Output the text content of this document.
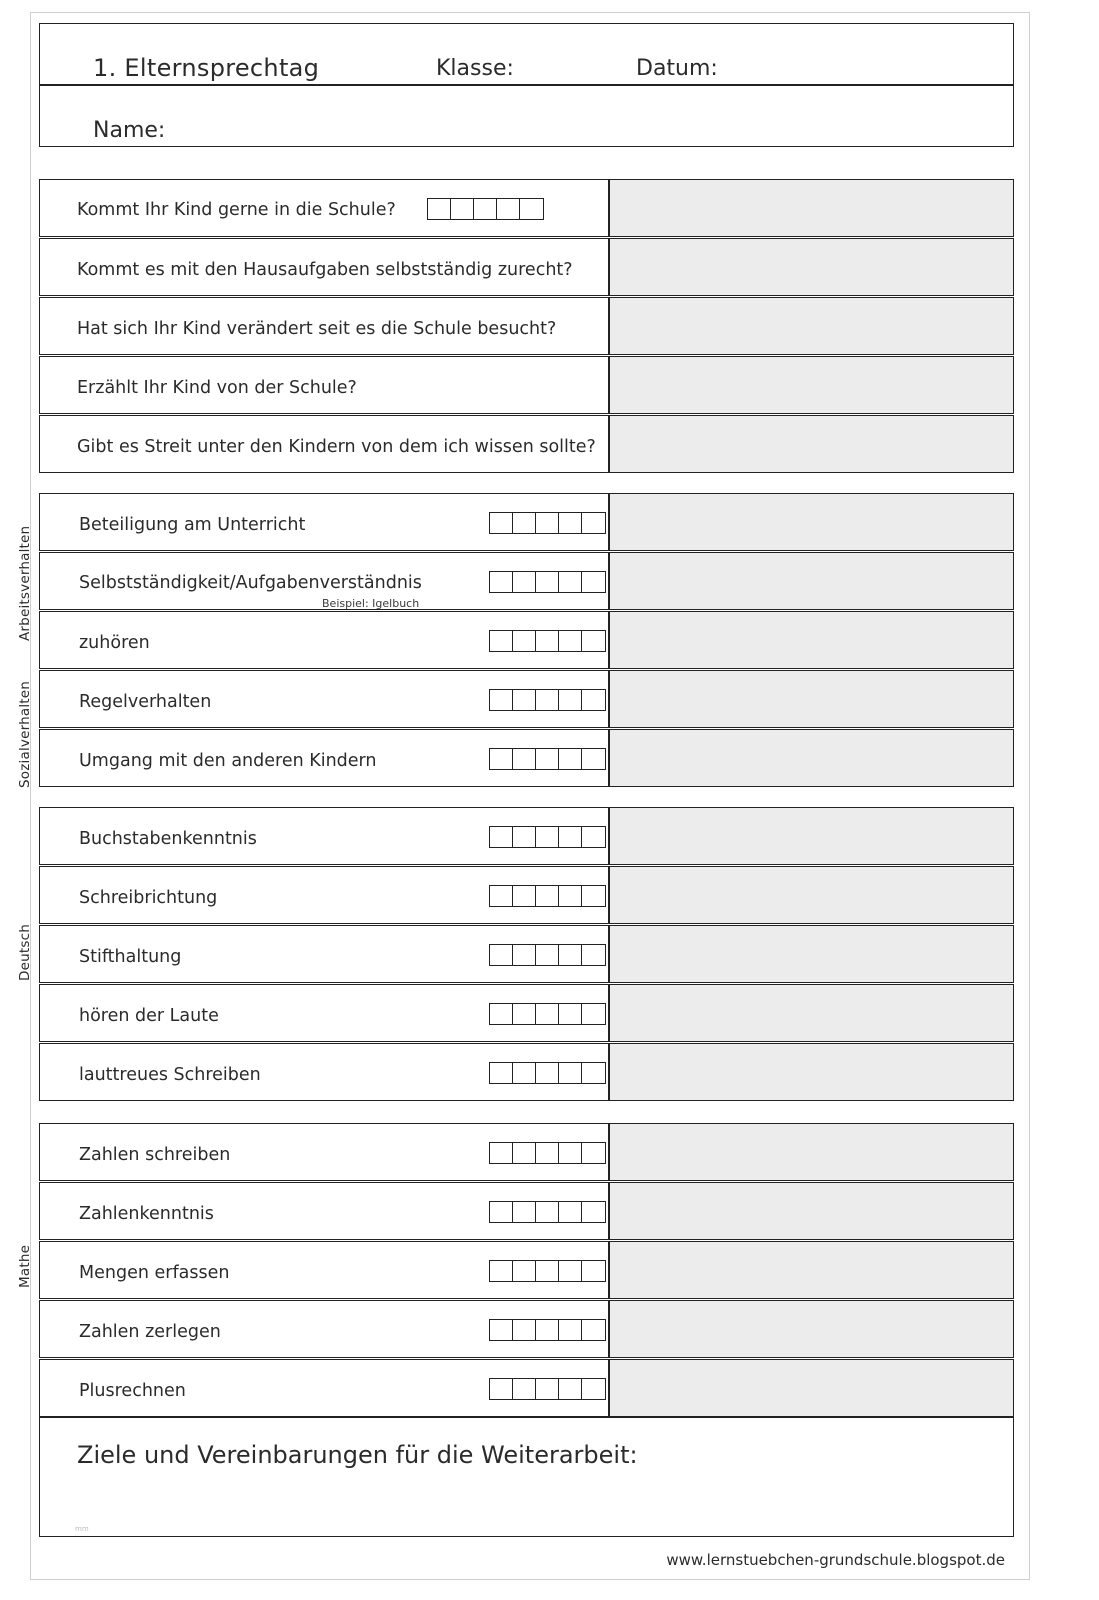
1. Elternsprechtag	Klasse:	Datum:
Name:
Kommt Ihr Kind gerne in die Schule?
Kommt es mit den Hausaufgaben selbstständig zurecht?
Hat sich Ihr Kind verändert seit es die Schule besucht?
Erzählt Ihr Kind von der Schule?
Gibt es Streit unter den Kindern von dem ich wissen sollte?
Arbeitsverhalten
Sozialverhalten
Beteiligung am Unterricht
Selbstständigkeit/Aufgabenverständnis
Beispiel: Igelbuch
zuhören
Regelverhalten
Umgang mit den anderen Kindern
Deutsch
Buchstabenkenntnis
Schreibrichtung
Stifthaltung
hören der Laute
lauttreues Schreiben
Mathe
Zahlen schreiben
Zahlenkenntnis
Mengen erfassen
Zahlen zerlegen
Plusrechnen
Ziele und Vereinbarungen für die Weiterarbeit:
mm
www.lernstuebchen-grundschule.blogspot.de
